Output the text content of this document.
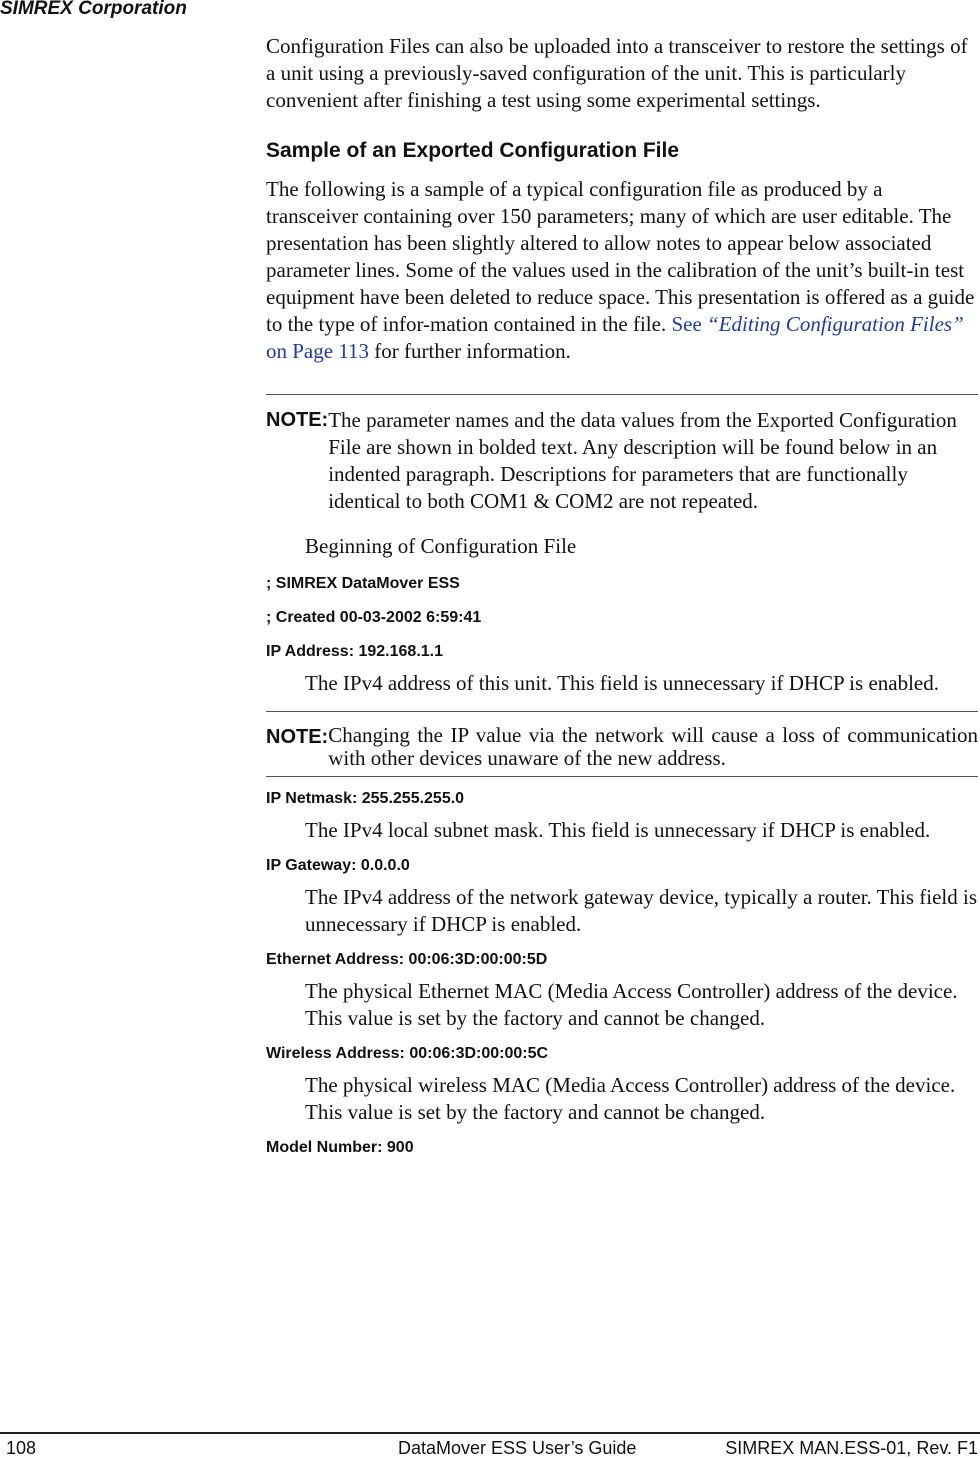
SIMREX Corporation

Configuration Files can also be uploaded into a transceiver to restore the settings of a unit using a previously-saved configuration of the unit. This is particularly convenient after finishing a test using some experimental settings.

Sample of an Exported Configuration File

The following is a sample of a typical configuration file as produced by a transceiver containing over 150 parameters; many of which are user editable. The presentation has been slightly altered to allow notes to appear below associated parameter lines. Some of the values used in the calibration of the unit’s built-in test equipment have been deleted to reduce space. This presentation is offered as a guide to the type of infor-mation contained in the file. See “Editing Configuration Files” on Page 113 for further information.

NOTE: The parameter names and the data values from the Exported Configuration File are shown in bolded text. Any description will be found below in an indented paragraph. Descriptions for parameters that are functionally identical to both COM1 & COM2 are not repeated.

Beginning of Configuration File

; SIMREX DataMover ESS
; Created 00-03-2002 6:59:41
IP Address: 192.168.1.1

The IPv4 address of this unit. This field is unnecessary if DHCP is enabled.

NOTE: Changing the IP value via the network will cause a loss of communication with other devices unaware of the new address.
IP Netmask: 255.255.255.0

The IPv4 local subnet mask. This field is unnecessary if DHCP is enabled.

IP Gateway: 0.0.0.0

The IPv4 address of the network gateway device, typically a router. This field is unnecessary if DHCP is enabled.

Ethernet Address: 00:06:3D:00:00:5D

The physical Ethernet MAC (Media Access Controller) address of the device. This value is set by the factory and cannot be changed.

Wireless Address: 00:06:3D:00:00:5C

The physical wireless MAC (Media Access Controller) address of the device. This value is set by the factory and cannot be changed.

Model Number: 900
108	DataMover ESS User’s Guide	SIMREX MAN.ESS-01, Rev. F1
